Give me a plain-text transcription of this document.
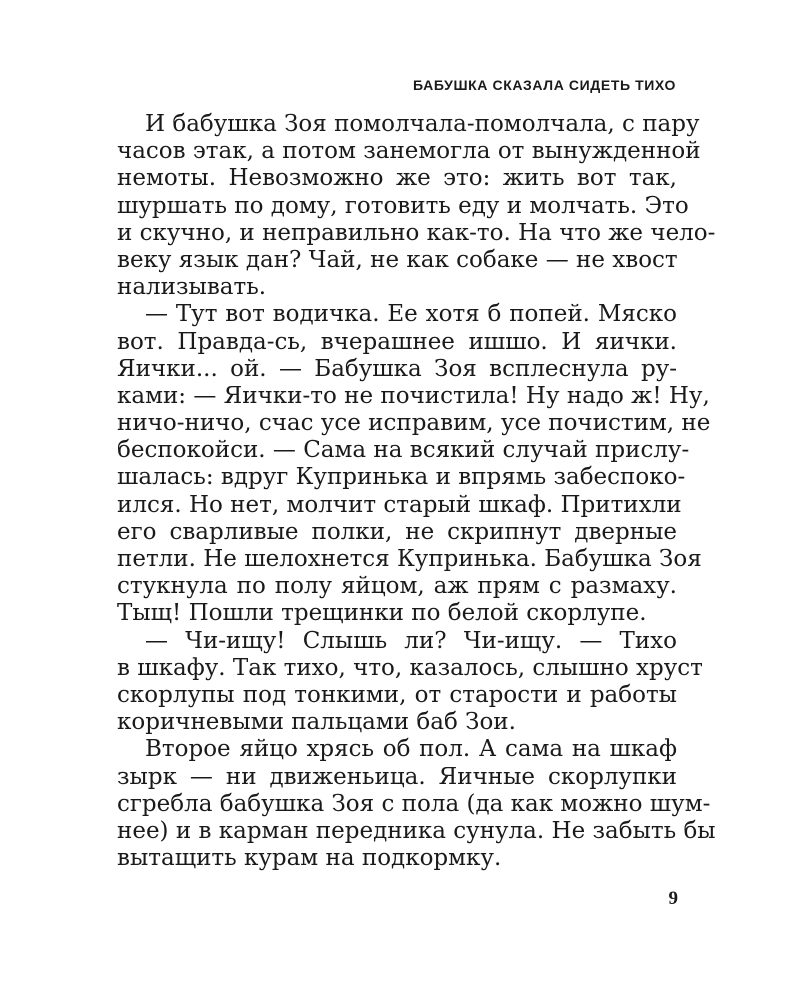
БАБУШКА СКАЗАЛА СИДЕТЬ ТИХО
И бабушка Зоя помолчала-помолчала, с пару
часов этак, а потом занемогла от вынужденной
немоты. Невозможно же это: жить вот так,
шуршать по дому, готовить еду и молчать. Это
и скучно, и неправильно как-то. На что же чело-
веку язык дан? Чай, не как собаке — не хвост
нализывать.
— Тут вот водичка. Ее хотя б попей. Мяско
вот. Правда-сь, вчерашнее ишшо. И яички.
Яички... ой. — Бабушка Зоя всплеснула ру-
ками: — Яички-то не почистила! Ну надо ж! Ну,
ничо-ничо, счас усе исправим, усе почистим, не
беспокойси. — Сама на всякий случай прислу-
шалась: вдруг Купринька и впрямь забеспоко-
ился. Но нет, молчит старый шкаф. Притихли
его сварливые полки, не скрипнут дверные
петли. Не шелохнется Купринька. Бабушка Зоя
стукнула по полу яйцом, аж прям с размаху.
Тыщ! Пошли трещинки по белой скорлупе.
— Чи-ищу! Слышь ли? Чи-ищу. — Тихо
в шкафу. Так тихо, что, казалось, слышно хруст
скорлупы под тонкими, от старости и работы
коричневыми пальцами баб Зои.
Второе яйцо хрясь об пол. А сама на шкаф
зырк — ни движеньица. Яичные скорлупки
сгребла бабушка Зоя с пола (да как можно шум-
нее) и в карман передника сунула. Не забыть бы
вытащить курам на подкормку.
9
